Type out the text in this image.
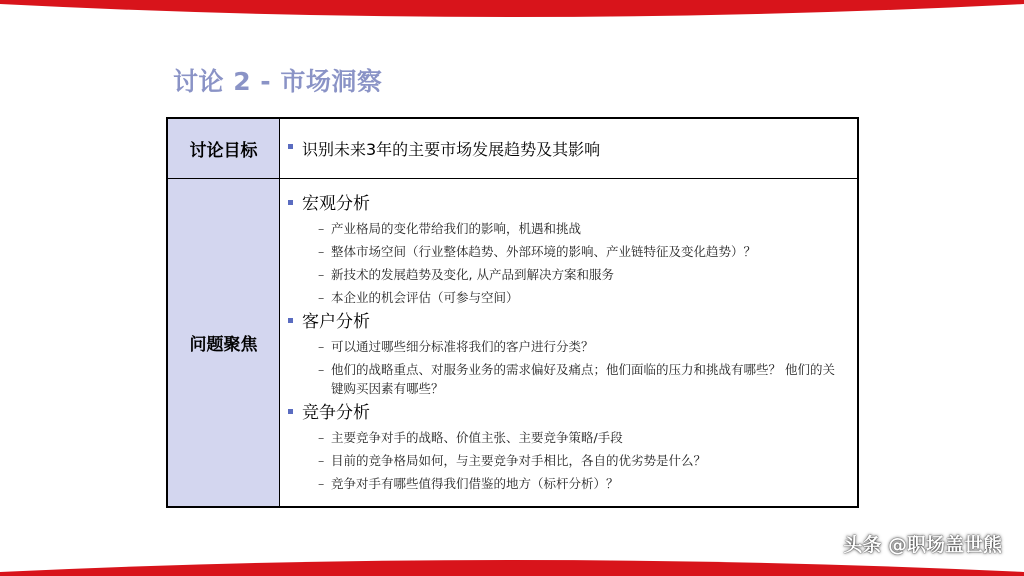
讨论 2 - 市场洞察
讨论目标	识别未来3年的主要市场发展趋势及其影响
问题聚焦
宏观分析
– 产业格局的变化带给我们的影响，机遇和挑战
– 整体市场空间（行业整体趋势、外部环境的影响、产业链特征及变化趋势）？
– 新技术的发展趋势及变化, 从产品到解决方案和服务
– 本企业的机会评估（可参与空间）
客户分析
– 可以通过哪些细分标准将我们的客户进行分类？
– 他们的战略重点、对服务业务的需求偏好及痛点；他们面临的压力和挑战有哪些？ 他们的关键购买因素有哪些？
竞争分析
– 主要竞争对手的战略、价值主张、主要竞争策略/手段
– 目前的竞争格局如何，与主要竞争对手相比，各自的优劣势是什么？
– 竞争对手有哪些值得我们借鉴的地方（标杆分析）？
头条 @职场盖世熊
